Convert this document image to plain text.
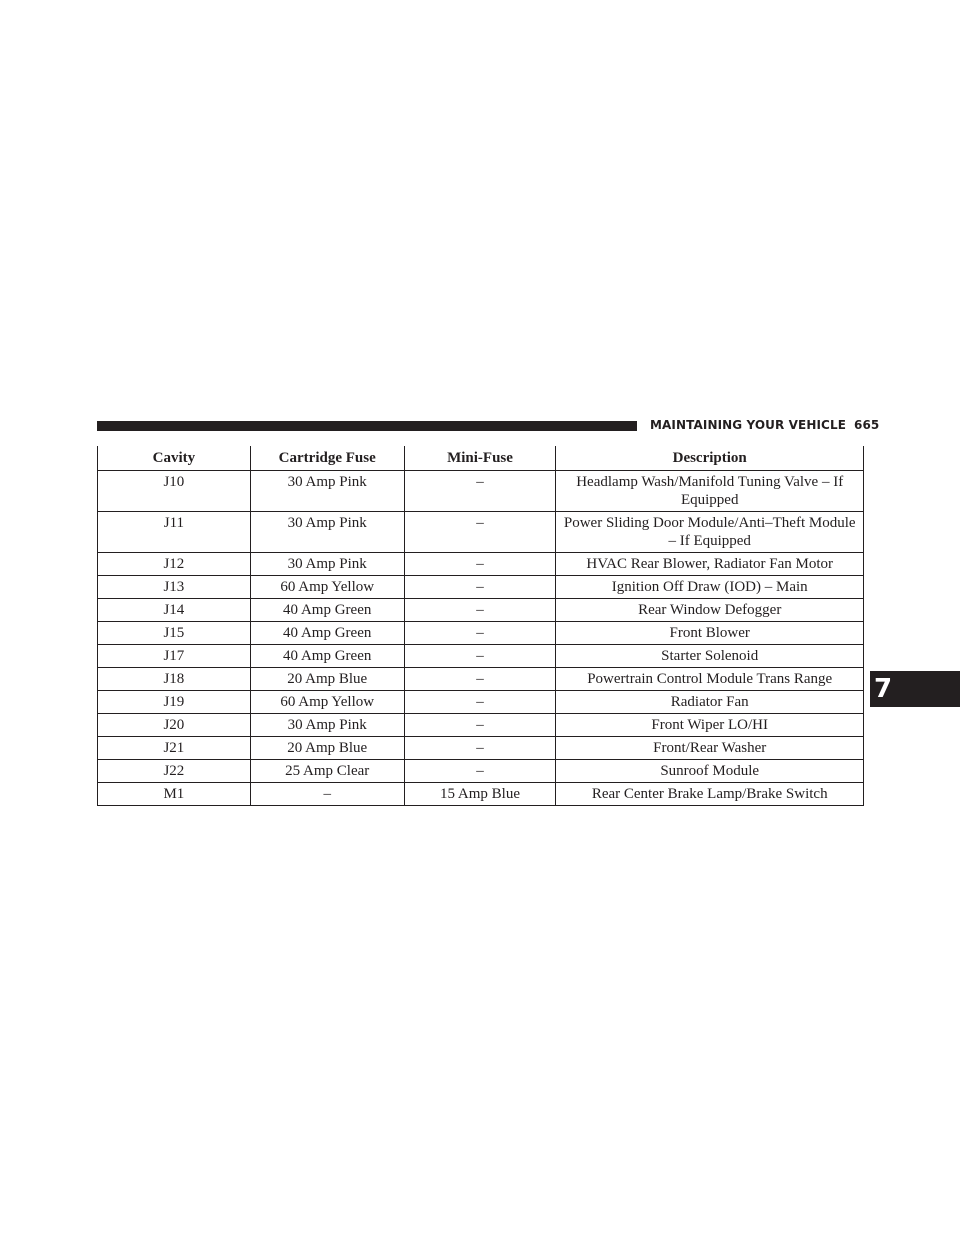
MAINTAINING YOUR VEHICLE 665
7
Cavity	Cartridge Fuse	Mini-Fuse	Description
J10	30 Amp Pink	–	Headlamp Wash/Manifold Tuning Valve – If Equipped
J11	30 Amp Pink	–	Power Sliding Door Module/Anti–Theft Module – If Equipped
J12	30 Amp Pink	–	HVAC Rear Blower, Radiator Fan Motor
J13	60 Amp Yellow	–	Ignition Off Draw (IOD) – Main
J14	40 Amp Green	–	Rear Window Defogger
J15	40 Amp Green	–	Front Blower
J17	40 Amp Green	–	Starter Solenoid
J18	20 Amp Blue	–	Powertrain Control Module Trans Range
J19	60 Amp Yellow	–	Radiator Fan
J20	30 Amp Pink	–	Front Wiper LO/HI
J21	20 Amp Blue	–	Front/Rear Washer
J22	25 Amp Clear	–	Sunroof Module
M1	–	15 Amp Blue	Rear Center Brake Lamp/Brake Switch
